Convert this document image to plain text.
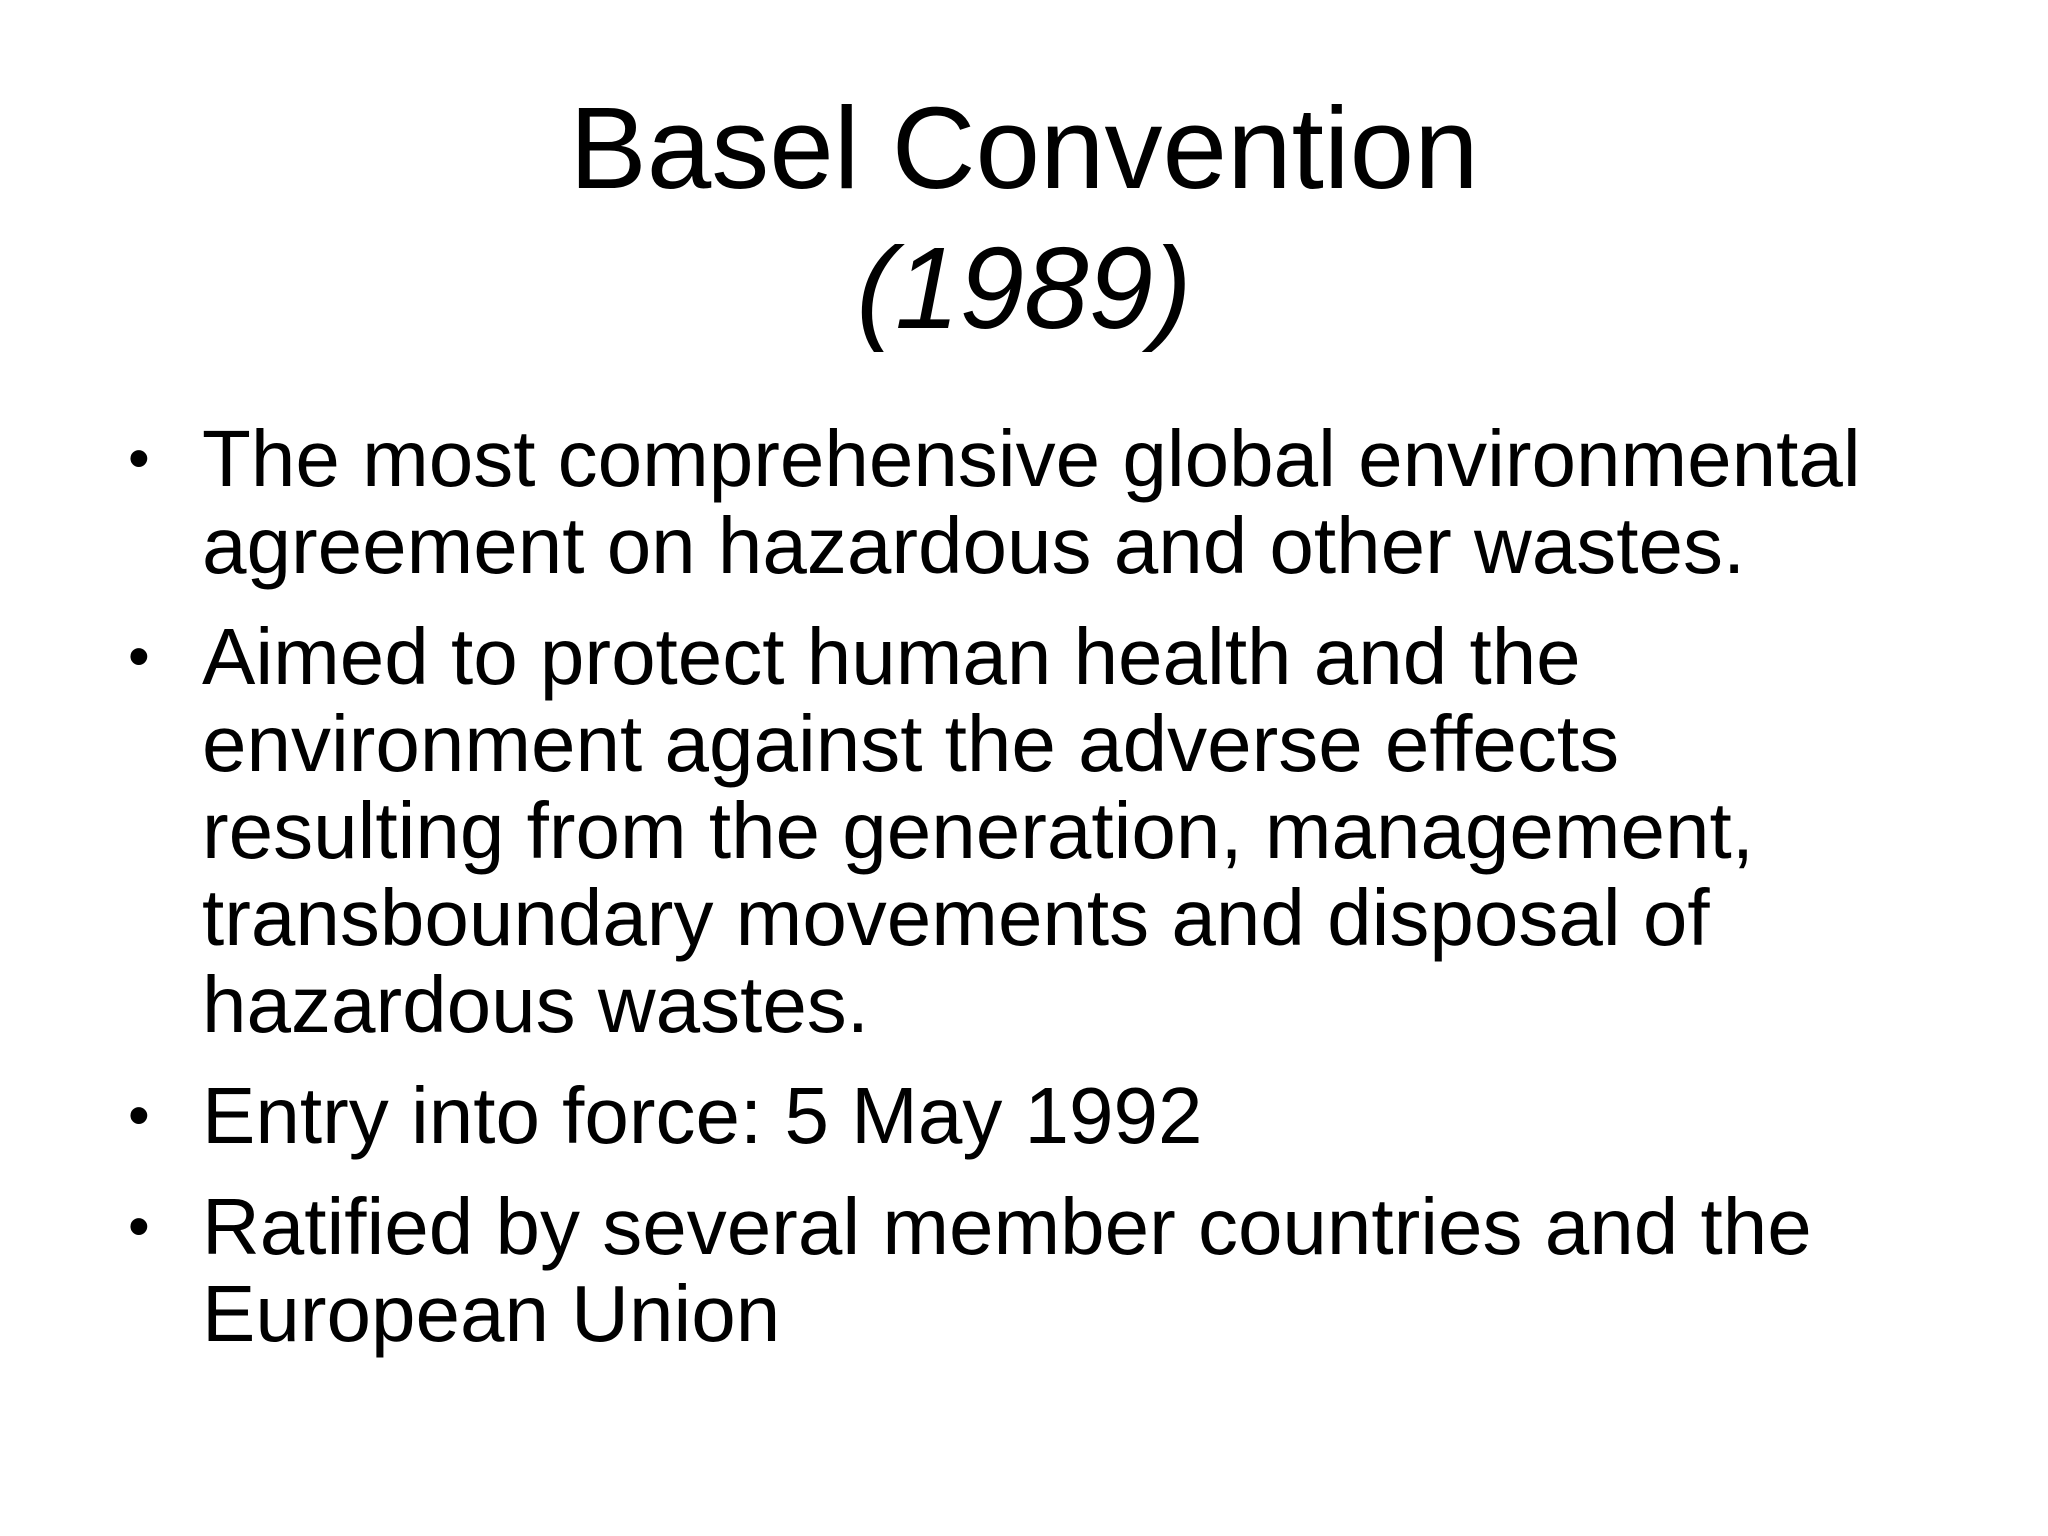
Basel Convention
(1989)
• The most comprehensive global environmental agreement on hazardous and other wastes.
• Aimed to protect human health and the environment against the adverse effects resulting from the generation, management, transboundary movements and disposal of hazardous wastes.
• Entry into force: 5 May 1992
• Ratified by several member countries and the European Union
